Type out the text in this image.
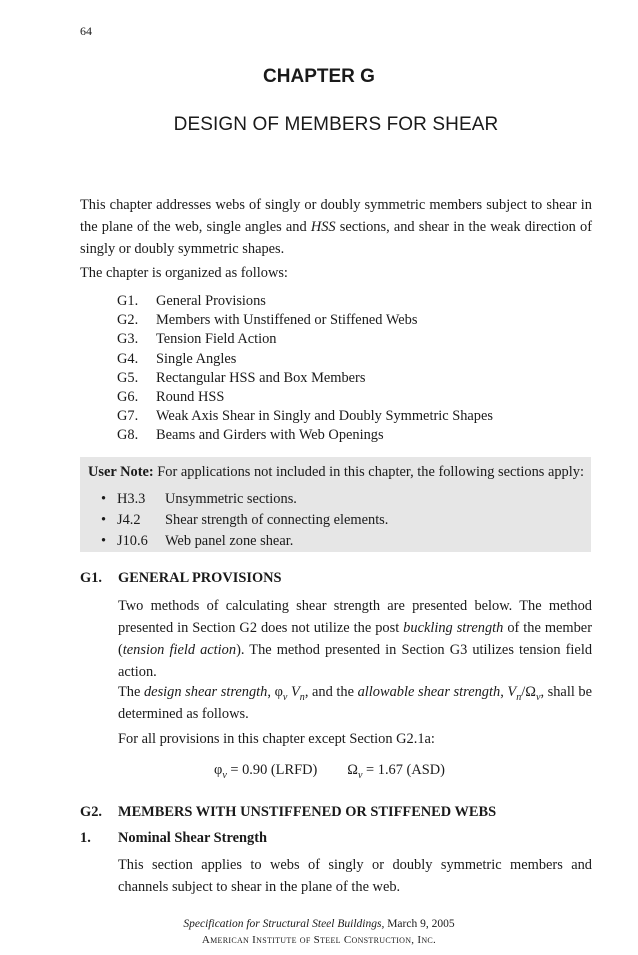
64
CHAPTER G
DESIGN OF MEMBERS FOR SHEAR
This chapter addresses webs of singly or doubly symmetric members subject to shear in the plane of the web, single angles and HSS sections, and shear in the weak direction of singly or doubly symmetric shapes.
The chapter is organized as follows:
G1. General Provisions
G2. Members with Unstiffened or Stiffened Webs
G3. Tension Field Action
G4. Single Angles
G5. Rectangular HSS and Box Members
G6. Round HSS
G7. Weak Axis Shear in Singly and Doubly Symmetric Shapes
G8. Beams and Girders with Web Openings
User Note: For applications not included in this chapter, the following sections apply:
• H3.3 Unsymmetric sections.
• J4.2 Shear strength of connecting elements.
• J10.6 Web panel zone shear.
G1. GENERAL PROVISIONS
Two methods of calculating shear strength are presented below. The method presented in Section G2 does not utilize the post buckling strength of the member (tension field action). The method presented in Section G3 utilizes tension field action.
The design shear strength, $\varphi_v$ $V_n$, and the allowable shear strength, $V_n/\Omega_v$, shall be determined as follows.
For all provisions in this chapter except Section G2.1a:
$\varphi_v = 0.90$ (LRFD) $\Omega_v = 1.67$ (ASD)
G2. MEMBERS WITH UNSTIFFENED OR STIFFENED WEBS
1. Nominal Shear Strength
This section applies to webs of singly or doubly symmetric members and channels subject to shear in the plane of the web.
Specification for Structural Steel Buildings, March 9, 2005
American Institute of Steel Construction, Inc.
